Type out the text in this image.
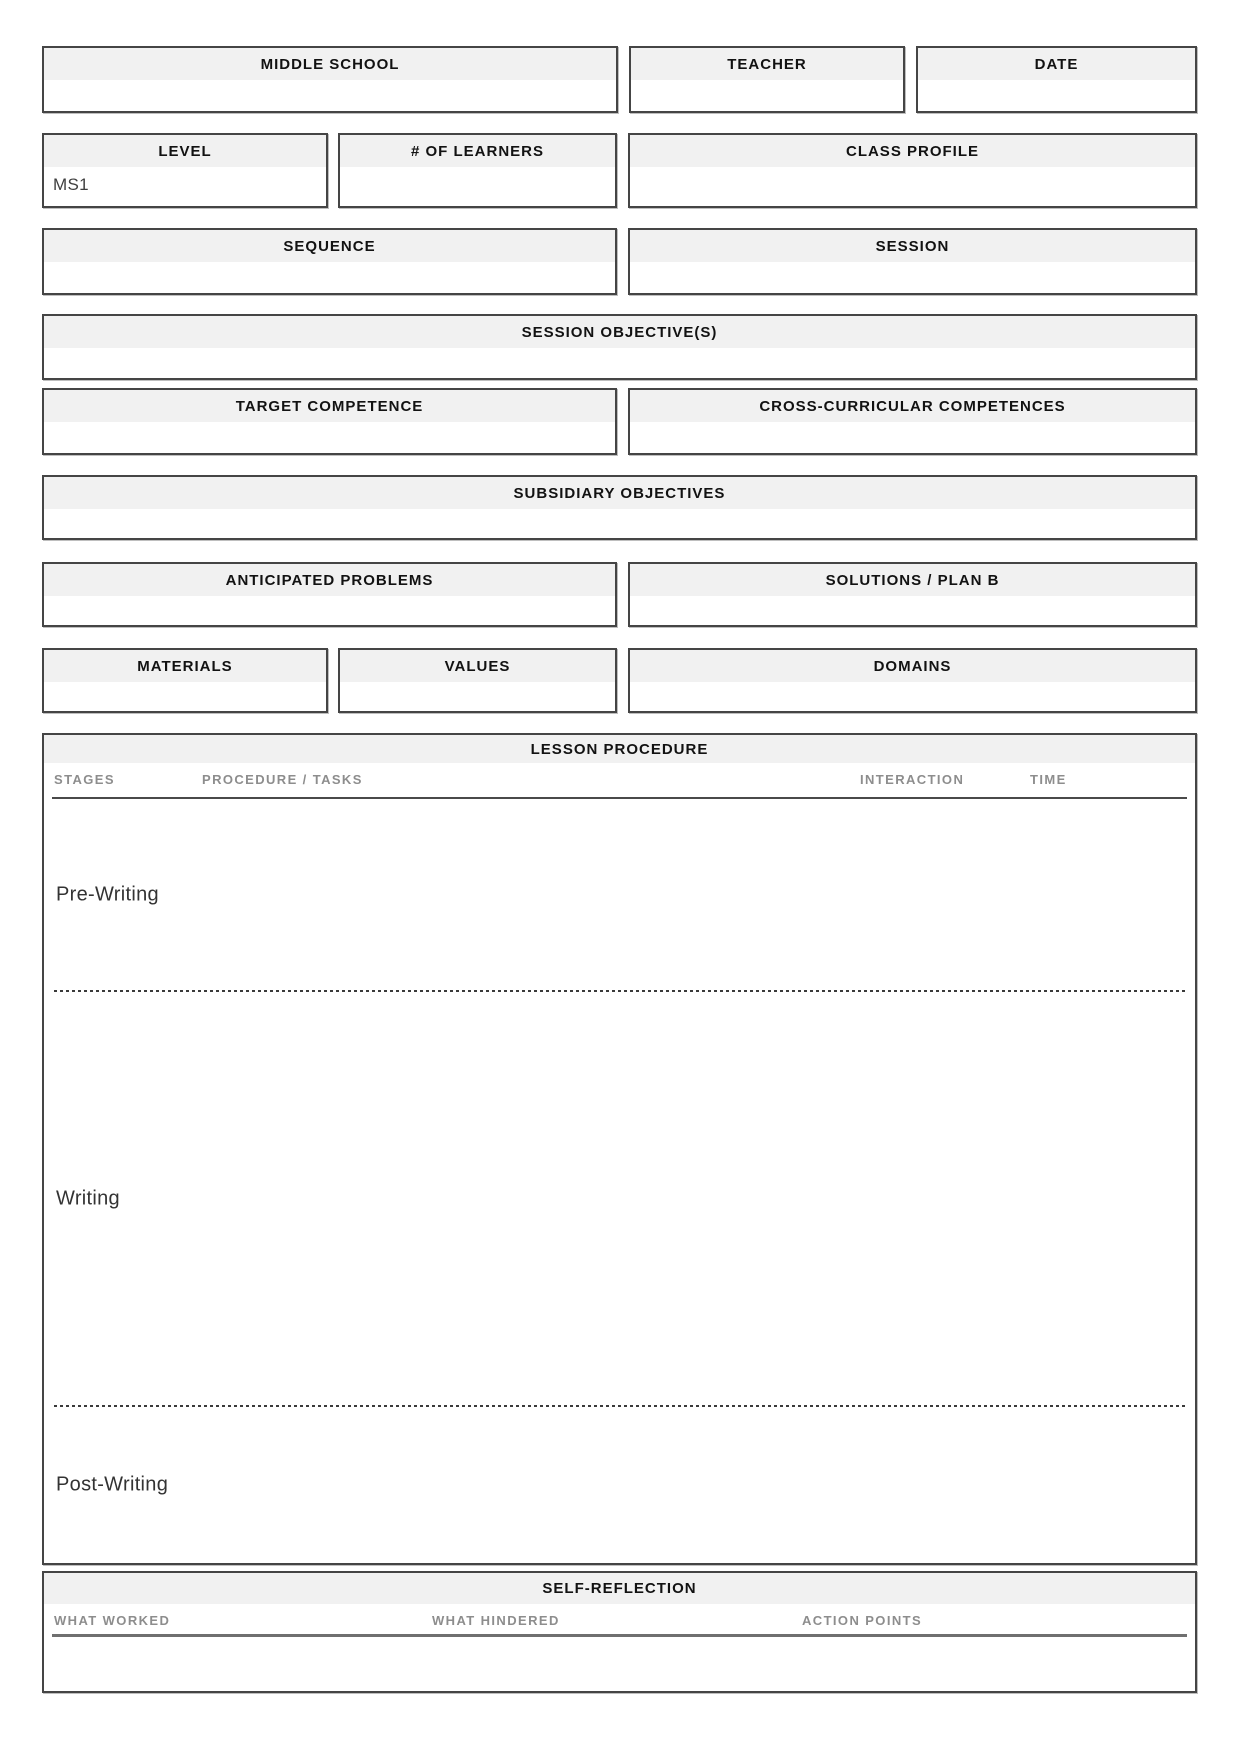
MIDDLE SCHOOL	TEACHER	DATE
LEVEL
MS1
# OF LEARNERS	CLASS PROFILE
SEQUENCE	SESSION
SESSION OBJECTIVE(S)
TARGET COMPETENCE	CROSS-CURRICULAR COMPETENCES
SUBSIDIARY OBJECTIVES
ANTICIPATED PROBLEMS	SOLUTIONS / PLAN B
MATERIALS	VALUES	DOMAINS
LESSON PROCEDURE
STAGES	PROCEDURE / TASKS	INTERACTION	TIME
Pre-Writing
Writing
Post-Writing
SELF-REFLECTION
WHAT WORKED	WHAT HINDERED	ACTION POINTS
